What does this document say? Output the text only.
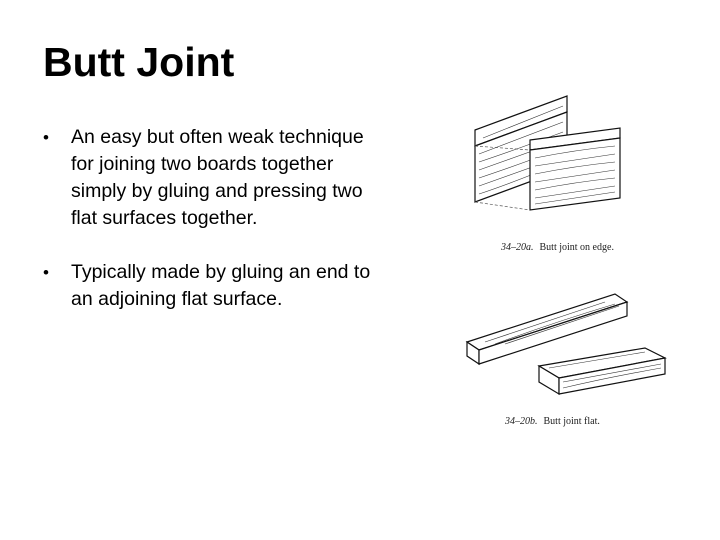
Butt Joint
• An easy but often weak technique for joining two boards together simply by gluing and pressing two flat surfaces together.
• Typically made by gluing an end to an adjoining flat surface.
34–20a. Butt joint on edge.
34–20b. Butt joint flat.
